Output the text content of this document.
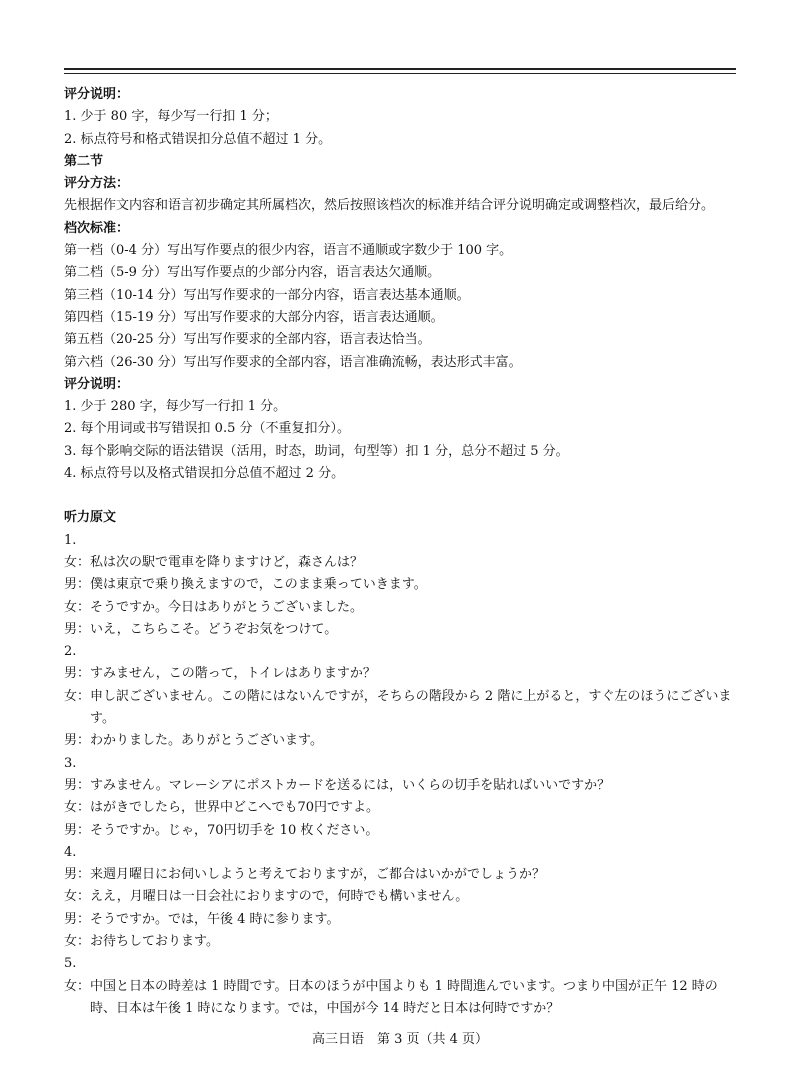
评分说明：
1. 少于 80 字，每少写一行扣 1 分；
2. 标点符号和格式错误扣分总值不超过 1 分。
第二节
评分方法：
先根据作文内容和语言初步确定其所属档次，然后按照该档次的标准并结合评分说明确定或调整档次，最后给分。
档次标准：
第一档（0-4 分）写出写作要点的很少内容，语言不通顺或字数少于 100 字。
第二档（5-9 分）写出写作要点的少部分内容，语言表达欠通顺。
第三档（10-14 分）写出写作要求的一部分内容，语言表达基本通顺。
第四档（15-19 分）写出写作要求的大部分内容，语言表达通顺。
第五档（20-25 分）写出写作要求的全部内容，语言表达恰当。
第六档（26-30 分）写出写作要求的全部内容，语言准确流畅，表达形式丰富。
评分说明：
1. 少于 280 字，每少写一行扣 1 分。
2. 每个用词或书写错误扣 0.5 分（不重复扣分）。
3. 每个影响交际的语法错误（活用，时态，助词，句型等）扣 1 分，总分不超过 5 分。
4. 标点符号以及格式错误扣分总值不超过 2 分。
听力原文
1.
女：私は次の駅で電車を降りますけど，森さんは？
男：僕は東京で乗り換えますので，このまま乗っていきます。
女：そうですか。今日はありがとうございました。
男：いえ，こちらこそ。どうぞお気をつけて。
2.
男：すみません，この階って，トイレはありますか？
女：申し訳ございません。この階にはないんですが，そちらの階段から 2 階に上がると，すぐ左のほうにございます。
男：わかりました。ありがとうございます。
3.
男：すみません。マレーシアにポストカードを送るには，いくらの切手を貼ればいいですか？
女：はがきでしたら，世界中どこへでも70円ですよ。
男：そうですか。じゃ，70円切手を 10 枚ください。
4.
男：来週月曜日にお伺いしようと考えておりますが，ご都合はいかがでしょうか？
女：ええ，月曜日は一日会社におりますので，何時でも構いません。
男：そうですか。では，午後 4 時に参ります。
女：お待ちしております。
5.
女：中国と日本の時差は 1 時間です。日本のほうが中国よりも 1 時間進んでいます。つまり中国が正午 12 時の時、日本は午後 1 時になります。では，中国が今 14 時だと日本は何時ですか？
高三日语　第 3 页（共 4 页）
